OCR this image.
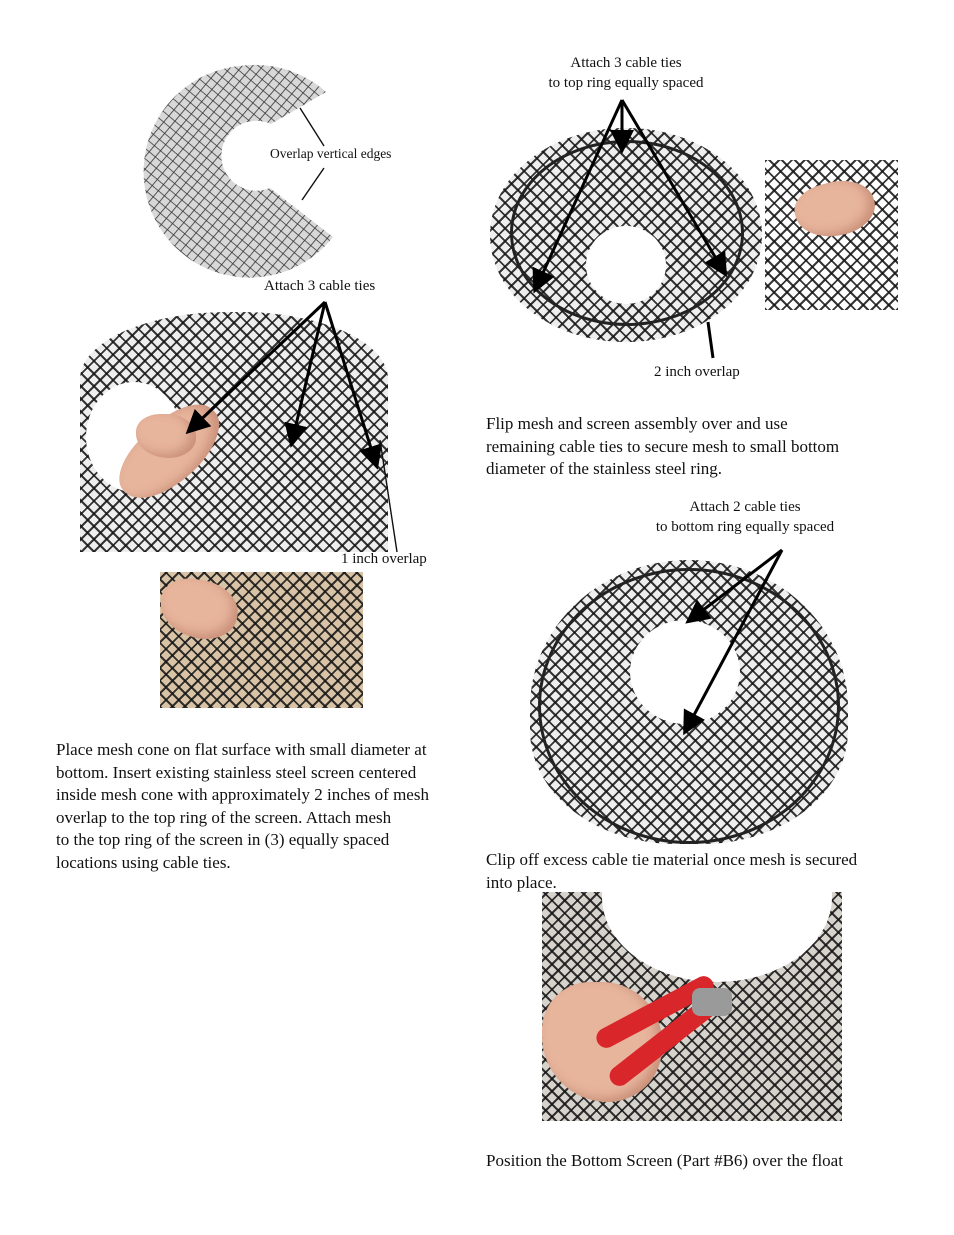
Overlap vertical edges
Attach 3 cable ties
1 inch overlap
Place mesh cone on flat surface with small diameter at
bottom. Insert existing stainless steel screen centered
inside mesh cone with approximately 2 inches of mesh
overlap to the top ring of the screen. Attach mesh
to the top ring of the screen in (3) equally spaced
locations using cable ties.
Attach 3 cable ties
to top ring equally spaced
2 inch overlap
Flip mesh and screen assembly over and use
remaining cable ties to secure mesh to small bottom
diameter of the stainless steel ring.
Attach 2 cable ties
to bottom ring equally spaced
Clip off excess cable tie material once mesh is secured
into place.
Position the Bottom Screen (Part #B6) over the float
